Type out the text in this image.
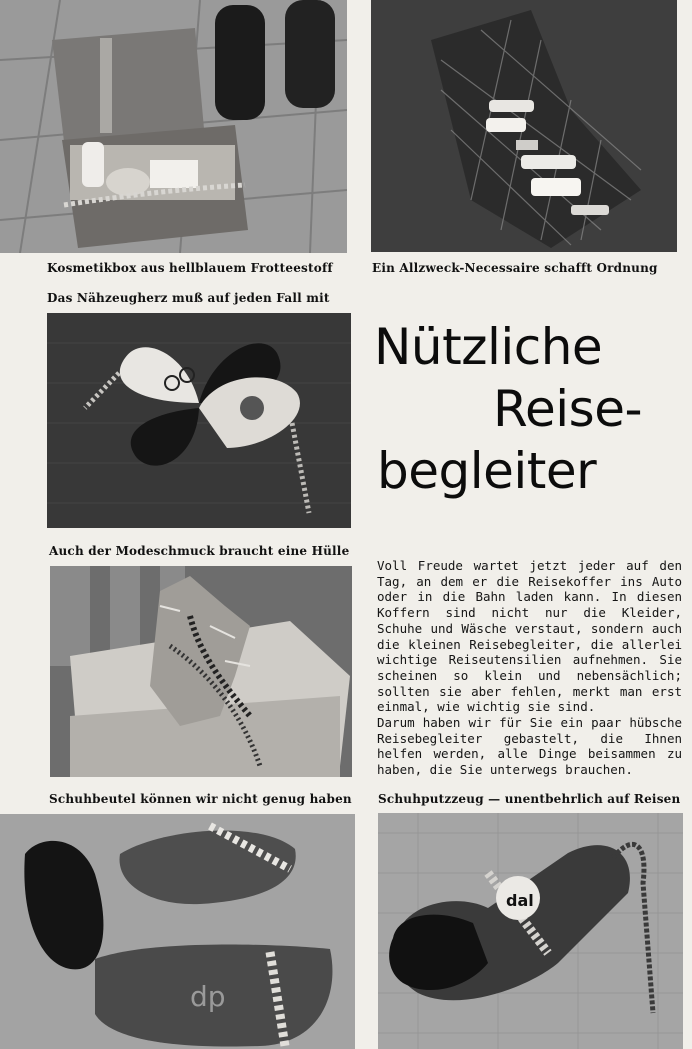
Kosmetikbox aus hellblauem Frotteestoff	Ein Allzweck-Necessaire schafft Ordnung
Das Nähzeugherz muß auf jeden Fall mit
Nützliche
Reise-
begleiter
Auch der Modeschmuck braucht eine Hülle

Voll Freude wartet jetzt jeder auf den Tag, an dem er die Reisekoffer ins Auto oder in die Bahn laden kann. In diesen Koffern sind nicht nur die Kleider, Schuhe und Wäsche verstaut, sondern auch die kleinen Reisebegleiter, die allerlei wichtige Reiseutensilien aufnehmen. Sie scheinen so klein und nebensächlich; sollten sie aber fehlen, merkt man erst einmal, wie wichtig sie sind.

Darum haben wir für Sie ein paar hübsche Reisebegleiter gebastelt, die Ihnen helfen werden, alle Dinge beisammen zu haben, die Sie unterwegs brauchen.

Schuhbeutel können wir nicht genug haben Schuhputzzeug — unentbehrlich auf Reisen
dp
dal
